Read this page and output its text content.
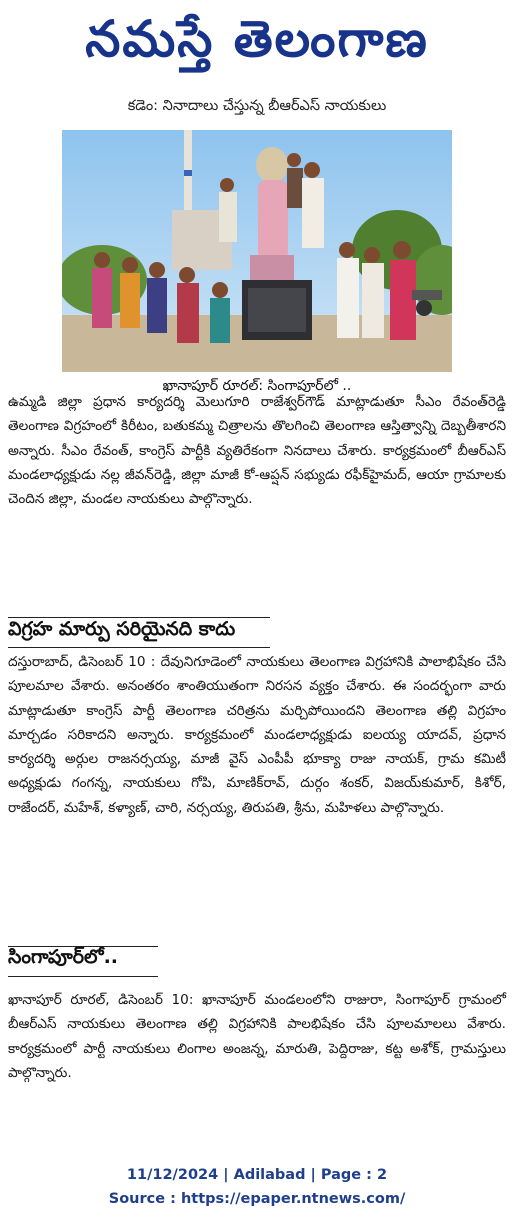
నమస్తే తెలంగాణ
కడెం: నినాదాలు చేస్తున్న బీఆర్ఎస్ నాయకులు
ఖానాపూర్ రూరల్: సింగాపూర్‌లో ..

ఉమ్మడి జిల్లా ప్రధాన కార్యదర్శి మెలుగూరి రాజేశ్వర్‌గౌడ్ మాట్లాడుతూ సీఎం రేవంత్‌రెడ్డి తెలంగాణ విగ్రహంలో కిరీటం, బతుకమ్మ చిత్రాలను తొలగించి తెలంగాణ ఆస్తిత్వాన్ని దెబ్బతీశారని అన్నారు. సీఎం రేవంత్, కాంగ్రెస్ పార్టీకి వ్యతిరేకంగా నినదాలు చేశారు. కార్యక్రమంలో బీఆర్ఎస్ మండలాధ్యక్షుడు నల్ల జీవన్‌రెడ్డి, జిల్లా మాజీ కో-ఆప్షన్ సభ్యుడు రఫీక్‌హైమద్, ఆయా గ్రామాలకు చెందిన జిల్లా, మండల నాయకులు పాల్గొన్నారు.

విగ్రహ మార్పు సరియైనది కాదు

దస్తురాబాద్, డిసెంబర్ 10 : దేవునిగూడెంలో నాయకులు తెలంగాణ విగ్రహానికి పాలాభిషేకం చేసి పూలమాల వేశారు. అనంతరం శాంతియుతంగా నిరసన వ్యక్తం చేశారు. ఈ సందర్భంగా వారు మాట్లాడుతూ కాంగ్రెస్ పార్టీ తెలంగాణ చరిత్రను మర్చిపోయిందని తెలంగాణ తల్లి విగ్రహం మార్చడం సరికాదని అన్నారు. కార్యక్రమంలో మండలాధ్యక్షుడు ఐలయ్య యాదవ్, ప్రధాన కార్యదర్శి అర్గుల రాజనర్సయ్య, మాజీ వైస్ ఎంపీపీ భూక్యా రాజు నాయక్, గ్రామ కమిటీ అధ్యక్షుడు గంగన్న, నాయకులు గోపి, మాణిక్‌రావ్, దుర్గం శంకర్, విజయ్‌కుమార్, కిశోర్, రాజేందర్, మహేశ్, కళ్యాణ్, చారి, నర్సయ్య, తిరుపతి, శ్రీను, మహిళలు పాల్గొన్నారు.

సింగాపూర్‌లో..

ఖానాపూర్ రూరల్, డిసెంబర్ 10: ఖానాపూర్ మండలంలోని రాజురా, సింగాపూర్ గ్రామంలో బీఆర్ఎస్ నాయకులు తెలంగాణ తల్లి విగ్రహానికి పాలభిషేకం చేసి పూలమాలలు వేశారు. కార్యక్రమంలో పార్టీ నాయకులు లింగాల అంజన్న, మారుతి, పెద్దిరాజు, కట్ట అశోక్, గ్రామస్తులు పాల్గొన్నారు.

11/12/2024 | Adilabad | Page : 2
Source : https://epaper.ntnews.com/
